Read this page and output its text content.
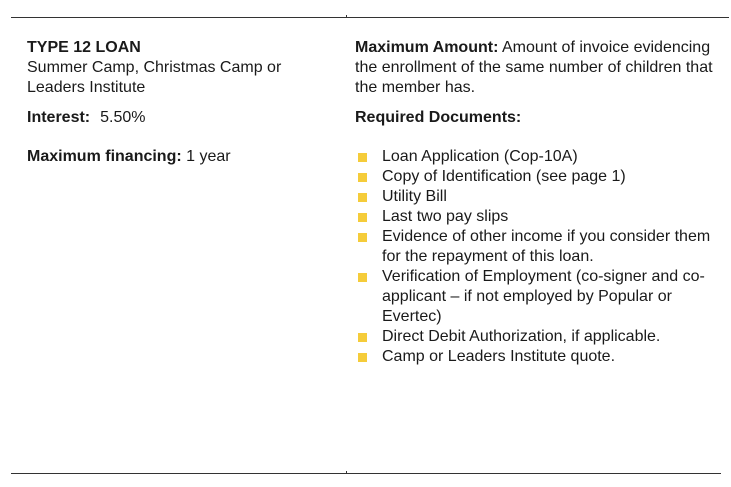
TYPE 12 LOAN
Summer Camp, Christmas Camp or Leaders Institute
Interest: 5.50%
Maximum financing: 1 year
Maximum Amount: Amount of invoice evidencing the enrollment of the same number of children that the member has.
Required Documents:
Loan Application (Cop-10A)
Copy of Identification (see page 1)
Utility Bill
Last two pay slips
Evidence of other income if you consider them for the repayment of this loan.
Verification of Employment (co-signer and co-applicant – if not employed by Popular or Evertec)
Direct Debit Authorization, if applicable.
Camp or Leaders Institute quote.
